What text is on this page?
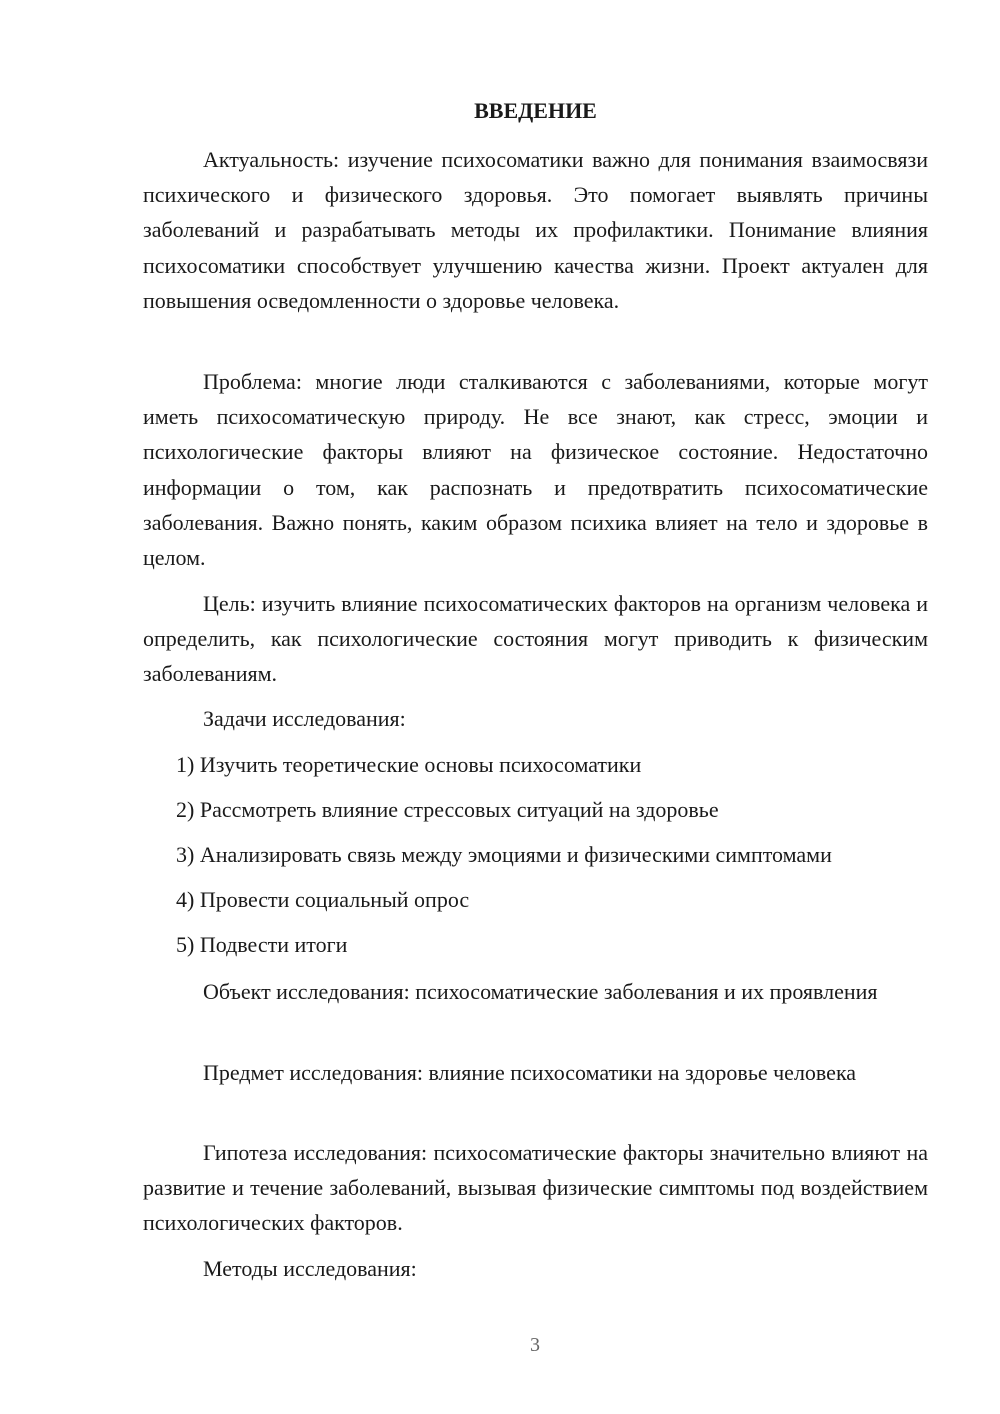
ВВЕДЕНИЕ

Актуальность: изучение психосоматики важно для понимания взаимосвязи психического и физического здоровья. Это помогает выявлять причины заболеваний и разрабатывать методы их профилактики. Понимание влияния психосоматики способствует улучшению качества жизни. Проект актуален для повышения осведомленности о здоровье человека.

Проблема: многие люди сталкиваются с заболеваниями, которые могут иметь психосоматическую природу. Не все знают, как стресс, эмоции и психологические факторы влияют на физическое состояние. Недостаточно информации о том, как распознать и предотвратить психосоматические заболевания. Важно понять, каким образом психика влияет на тело и здоровье в целом.

Цель: изучить влияние психосоматических факторов на организм человека и определить, как психологические состояния могут приводить к физическим заболеваниям.

Задачи исследования:

1) Изучить теоретические основы психосоматики

2) Рассмотреть влияние стрессовых ситуаций на здоровье

3) Анализировать связь между эмоциями и физическими симптомами

4) Провести социальный опрос

5) Подвести итоги

Объект исследования: психосоматические заболевания и их проявления

Предмет исследования: влияние психосоматики на здоровье человека

Гипотеза исследования: психосоматические факторы значительно влияют на развитие и течение заболеваний, вызывая физические симптомы под воздействием психологических факторов.

Методы исследования:

3
